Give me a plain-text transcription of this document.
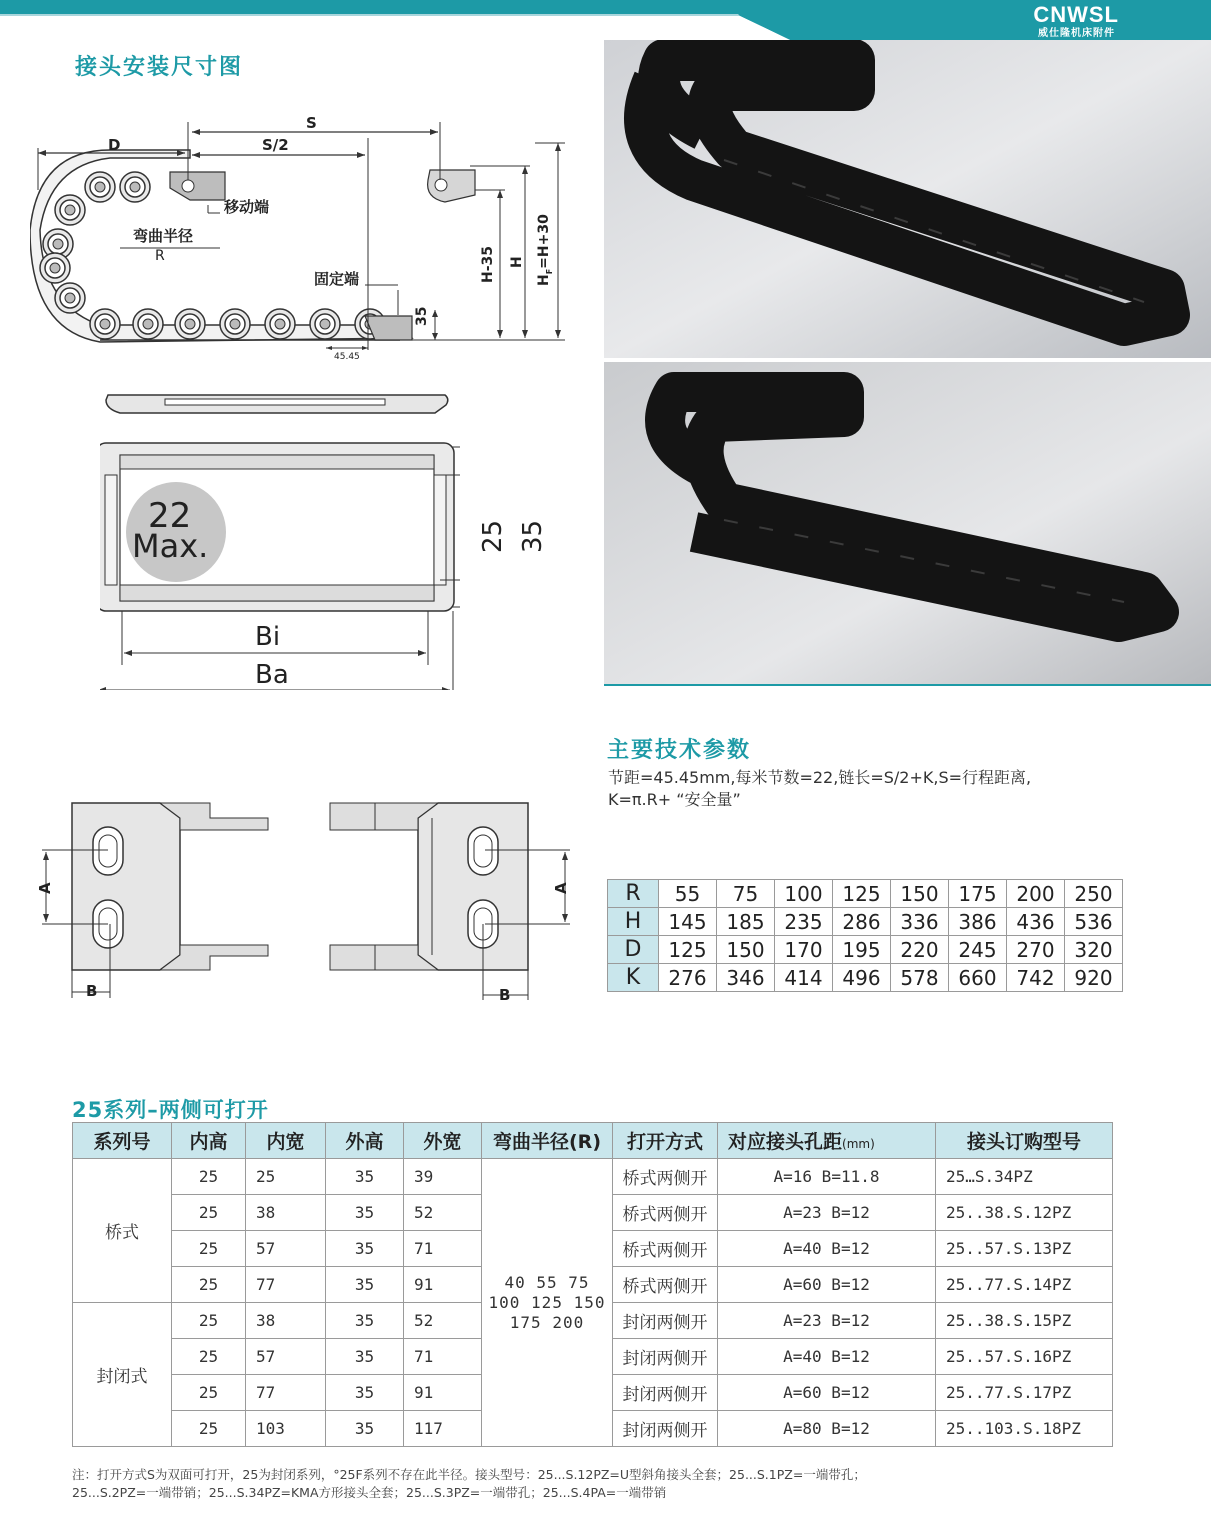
CNWSL
威仕隆机床附件
接头安装尺寸图
D
S
S/2
移动端
弯曲半径
R
固定端
45.45
35
H-35 H
$H_F=H+30$
22
Max.	25 35
Bi
Ba
A	A
B	B
主要技术参数
节距=45.45mm,每米节数=22,链长=S/2+K,S=行程距离,
K=π.R+ “安全量”
R	55	75	100	125	150	175	200	250
H	145	185	235	286	336	386	436	536
D	125	150	170	195	220	245	270	320
K	276	346	414	496	578	660	742	920
25系列–两侧可打开
系列号	内高	内宽	外高	外宽	弯曲半径(R)	打开方式	对应接头孔距(mm)	接头订购型号
桥式	25	25	35	39	40 55 75
100 125 150
175 200	桥式两侧开	A=16 B=11.8	25…S.34PZ
	25	38	35	52		桥式两侧开	A=23 B=12	25..38.S.12PZ
	25	57	35	71		桥式两侧开	A=40 B=12	25..57.S.13PZ
	25	77	35	91		桥式两侧开	A=60 B=12	25..77.S.14PZ
封闭式	25	38	35	52		封闭两侧开	A=23 B=12	25..38.S.15PZ
	25	57	35	71		封闭两侧开	A=40 B=12	25..57.S.16PZ
	25	77	35	91		封闭两侧开	A=60 B=12	25..77.S.17PZ
	25	103	35	117		封闭两侧开	A=80 B=12	25..103.S.18PZ
注：打开方式S为双面可打开，25为封闭系列，°25F系列不存在此半径。接头型号：25...S.12PZ=U型斜角接头全套；25...S.1PZ=一端带孔；
25...S.2PZ=一端带销；25...S.34PZ=KMA方形接头全套；25...S.3PZ=一端带孔；25...S.4PA=一端带销
